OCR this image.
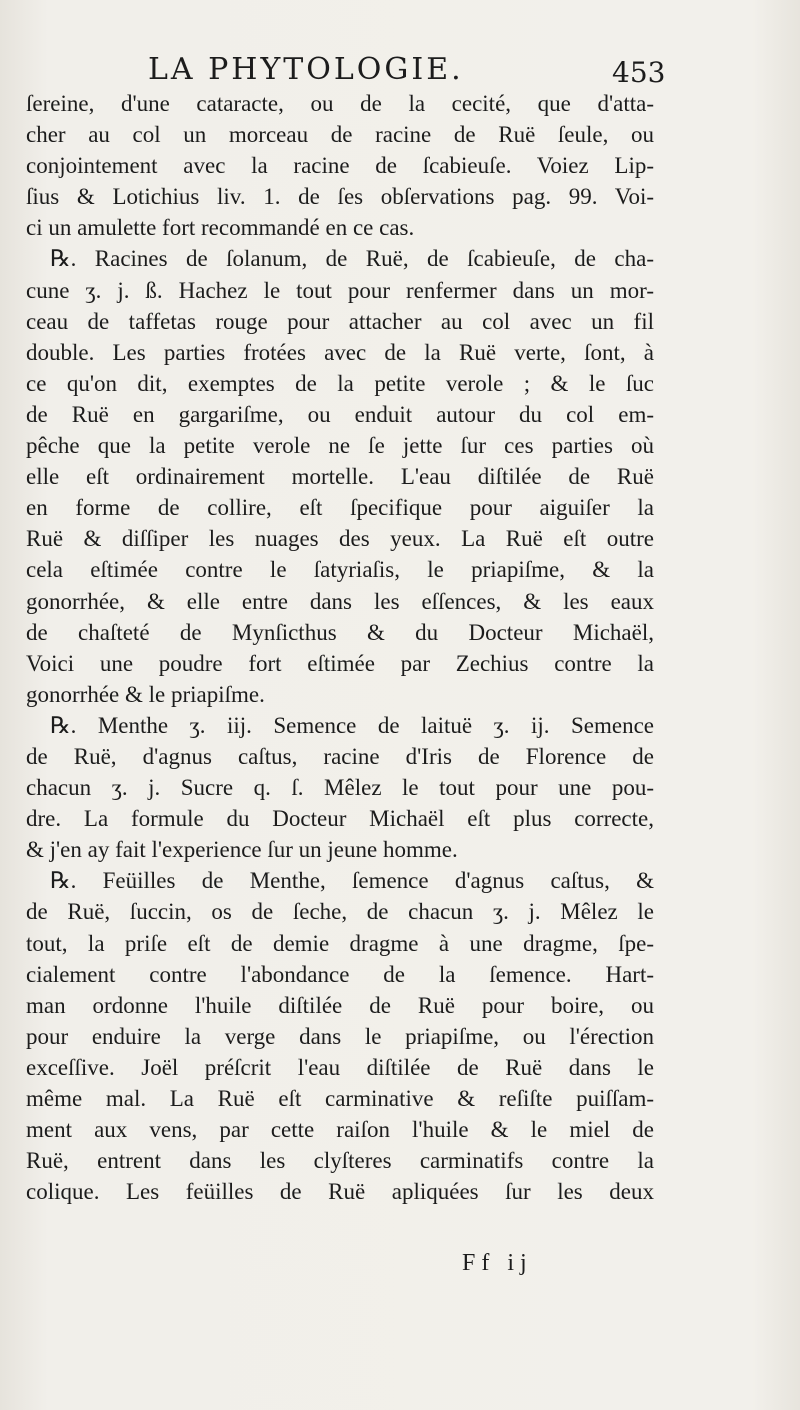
LA PHYTOLOGIE.	453
ſereine, d'une cataracte, ou de la cecité, que d'atta-
cher au col un morceau de racine de Ruë ſeule, ou
conjointement avec la racine de ſcabieuſe. Voiez Lip-
ſius & Lotichius liv. 1. de ſes obſervations pag. 99. Voi-
ci un amulette fort recommandé en ce cas.
℞. Racines de ſolanum, de Ruë, de ſcabieuſe, de cha-
cune ʒ. j. ß. Hachez le tout pour renfermer dans un mor-
ceau de taffetas rouge pour attacher au col avec un fil
double. Les parties frotées avec de la Ruë verte, ſont, à
ce qu'on dit, exemptes de la petite verole ; & le ſuc
de Ruë en gargariſme, ou enduit autour du col em-
pêche que la petite verole ne ſe jette ſur ces parties où
elle eſt ordinairement mortelle. L'eau diſtilée de Ruë
en forme de collire, eſt ſpecifique pour aiguiſer la
Ruë & diſſiper les nuages des yeux. La Ruë eſt outre
cela eſtimée contre le ſatyriaſis, le priapiſme, & la
gonorrhée, & elle entre dans les eſſences, & les eaux
de chaſteté de Mynſicthus & du Docteur Michaël,
Voici une poudre fort eſtimée par Zechius contre la
gonorrhée & le priapiſme.
℞. Menthe ʒ. iij. Semence de laituë ʒ. ij. Semence
de Ruë, d'agnus caſtus, racine d'Iris de Florence de
chacun ʒ. j. Sucre q. ſ. Mêlez le tout pour une pou-
dre. La formule du Docteur Michaël eſt plus correcte,
& j'en ay fait l'experience ſur un jeune homme.
℞. Feüilles de Menthe, ſemence d'agnus caſtus, &
de Ruë, ſuccin, os de ſeche, de chacun ʒ. j. Mêlez le
tout, la priſe eſt de demie dragme à une dragme, ſpe-
cialement contre l'abondance de la ſemence. Hart-
man ordonne l'huile diſtilée de Ruë pour boire, ou
pour enduire la verge dans le priapiſme, ou l'érection
exceſſive. Joël préſcrit l'eau diſtilée de Ruë dans le
même mal. La Ruë eſt carminative & reſiſte puiſſam-
ment aux vens, par cette raiſon l'huile & le miel de
Ruë, entrent dans les clyſteres carminatifs contre la
colique. Les feüilles de Ruë apliquées ſur les deux
Ff ij
